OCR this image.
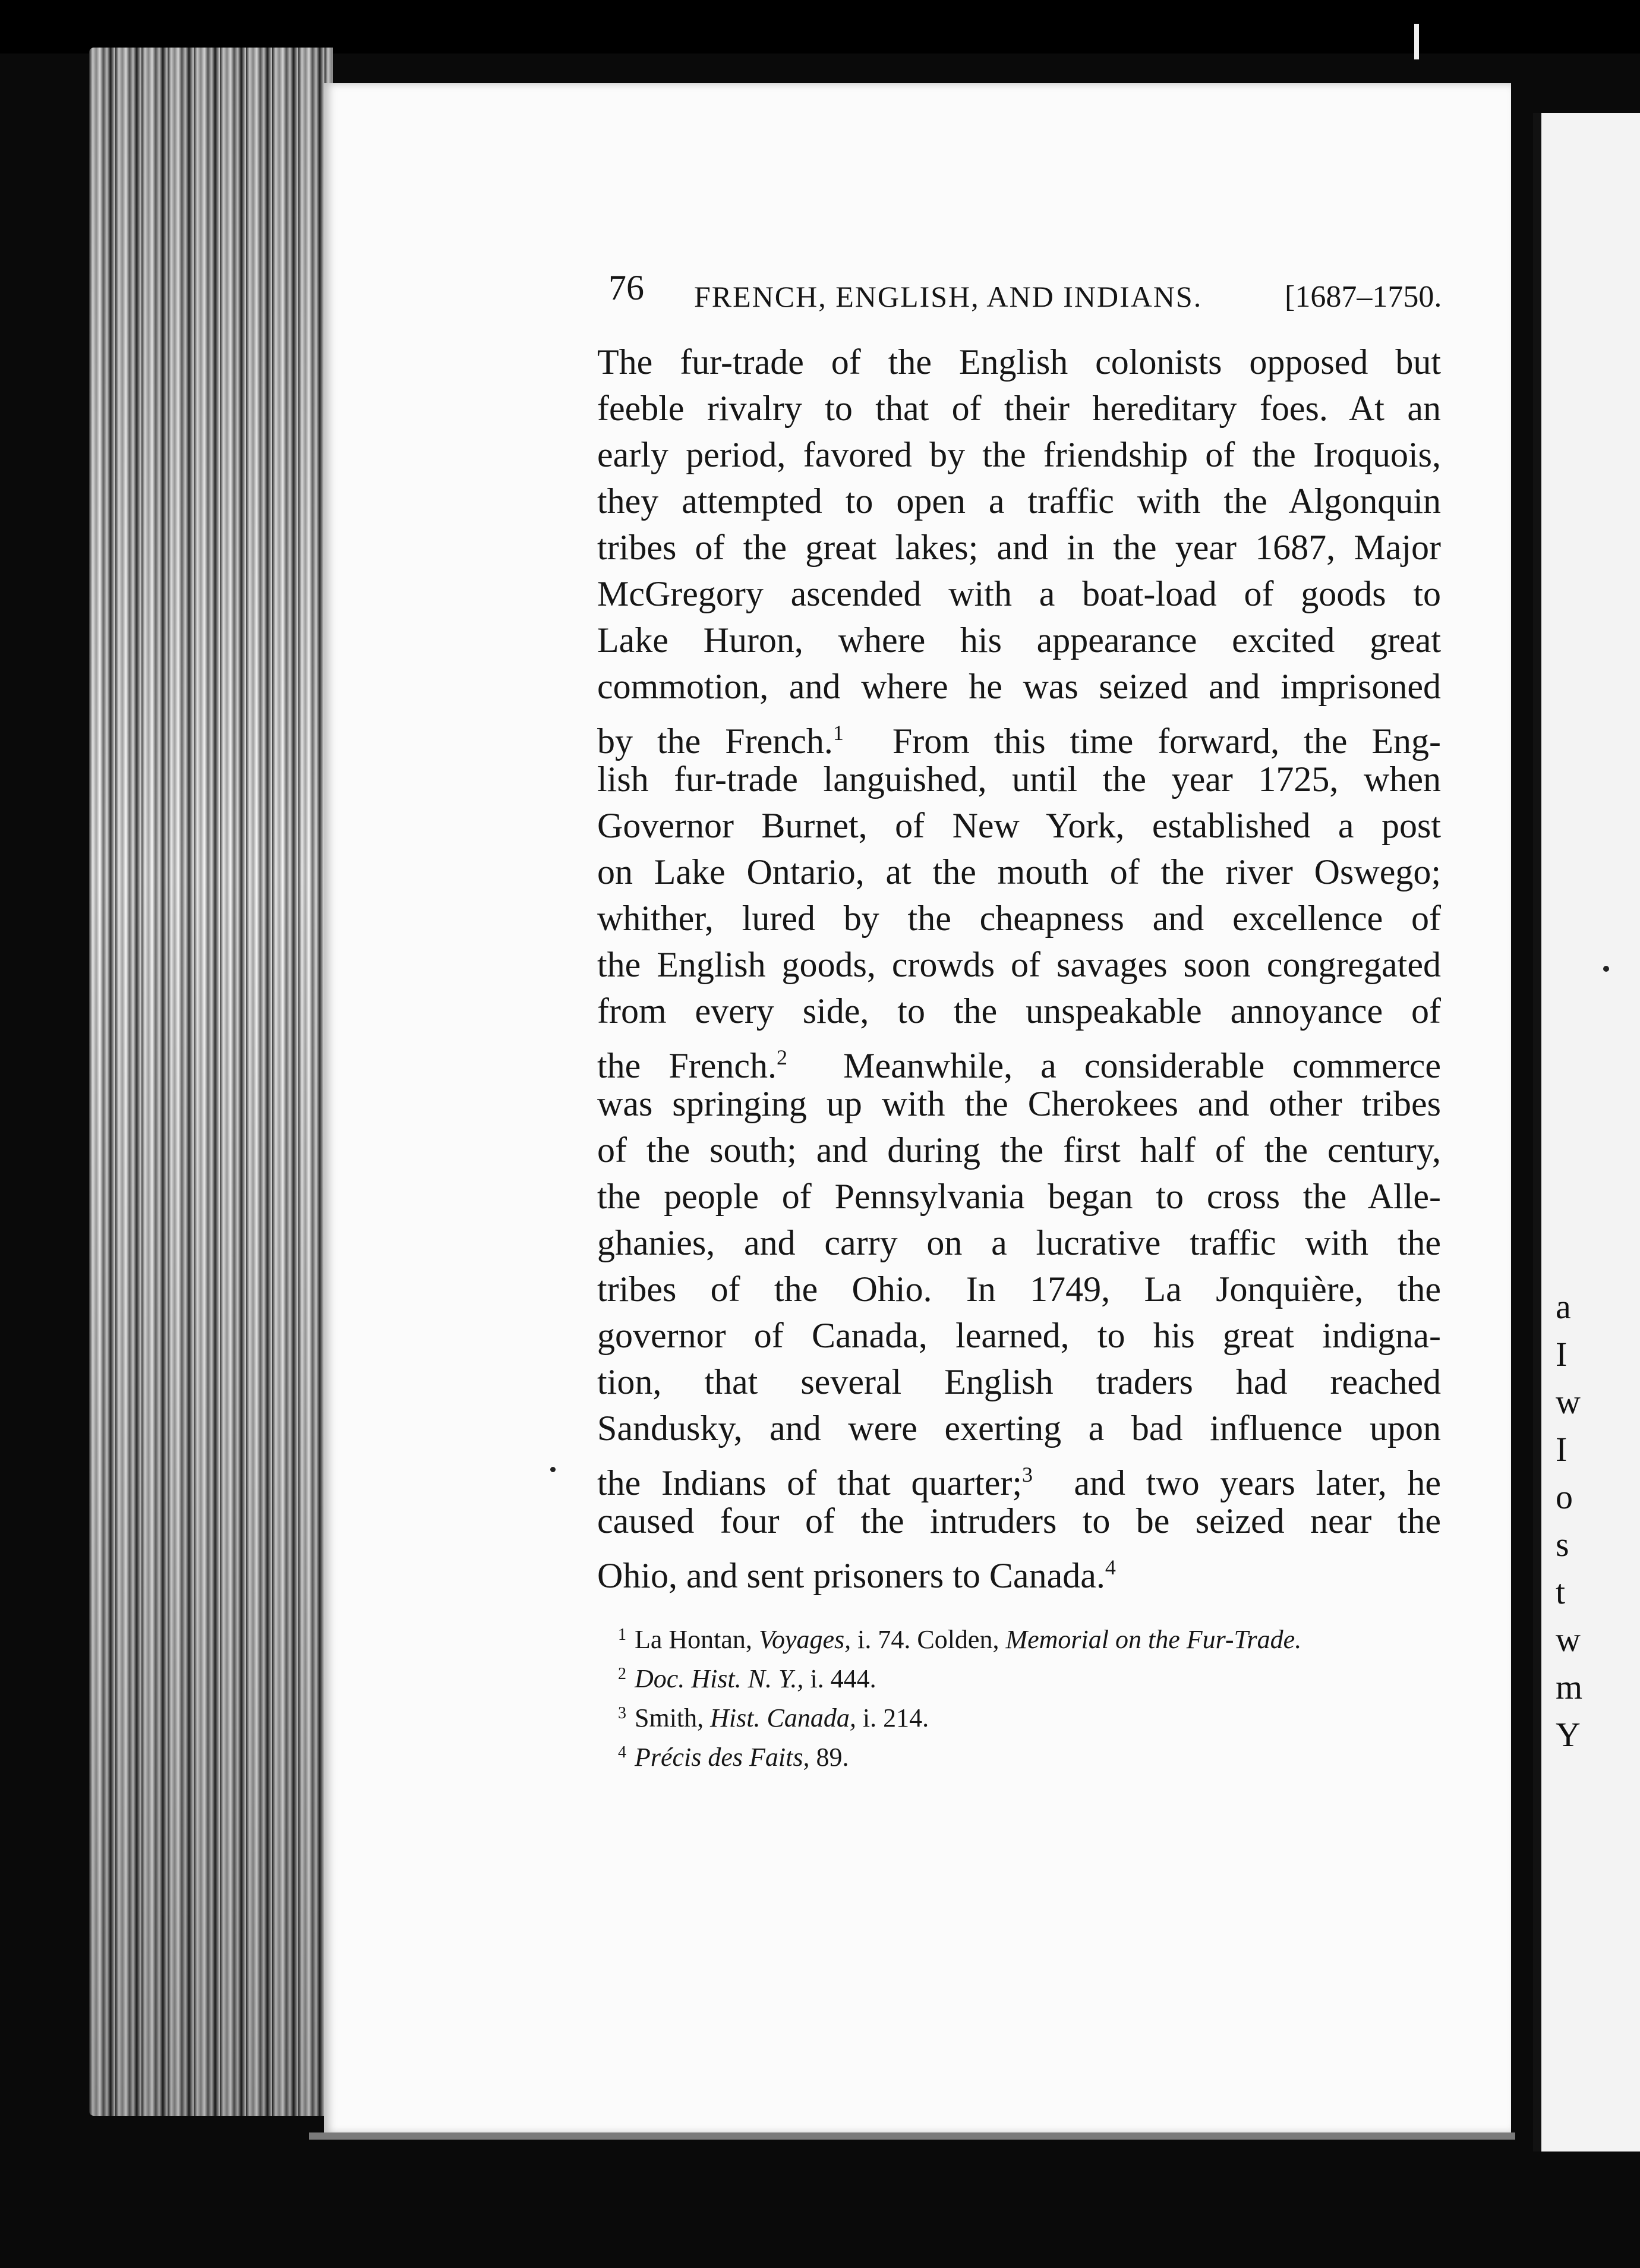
a
I
w
I
o
s
t
w
m
Y
76 FRENCH, ENGLISH, AND INDIANS.	[1687–1750.
The fur-trade of the English colonists opposed but
feeble rivalry to that of their hereditary foes. At an
early period, favored by the friendship of the Iroquois,
they attempted to open a traffic with the Algonquin
tribes of the great lakes; and in the year 1687, Major
McGregory ascended with a boat-load of goods to
Lake Huron, where his appearance excited great
commotion, and where he was seized and imprisoned
by the French.$^1$ From this time forward, the Eng-
lish fur-trade languished, until the year 1725, when
Governor Burnet, of New York, established a post
on Lake Ontario, at the mouth of the river Oswego;
whither, lured by the cheapness and excellence of
the English goods, crowds of savages soon congregated
from every side, to the unspeakable annoyance of
the French.$^2$ Meanwhile, a considerable commerce
was springing up with the Cherokees and other tribes
of the south; and during the first half of the century,
the people of Pennsylvania began to cross the Alle-
ghanies, and carry on a lucrative traffic with the
tribes of the Ohio. In 1749, La Jonquière, the
governor of Canada, learned, to his great indigna-
tion, that several English traders had reached
Sandusky, and were exerting a bad influence upon
the Indians of that quarter;$^3$ and two years later, he
caused four of the intruders to be seized near the
Ohio, and sent prisoners to Canada.$^4$
$^1$ La Hontan, Voyages, i. 74. Colden, Memorial on the Fur-Trade.
$^2$ Doc. Hist. N. Y., i. 444.
$^3$ Smith, Hist. Canada, i. 214.
$^4$ Précis des Faits, 89.
